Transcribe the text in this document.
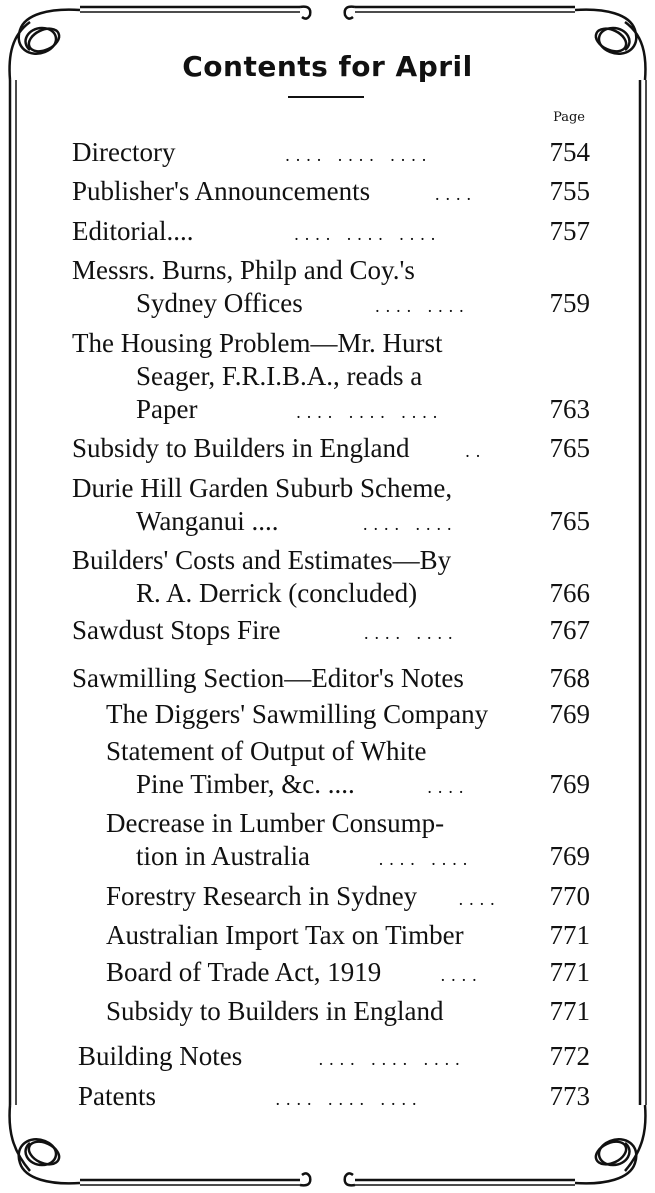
Contents for April
Page
Directory	.... .... ....	754
Publisher's Announcements	....	755
Editorial....	.... .... ....	757
Messrs. Burns, Philp and Coy.'s
Sydney Offices	.... ....	759
The Housing Problem—Mr. Hurst
Seager, F.R.I.B.A., reads a
Paper	.... .... ....	763
Subsidy to Builders in England	..	765
Durie Hill Garden Suburb Scheme,
Wanganui ....	.... ....	765
Builders' Costs and Estimates—By
R. A. Derrick (concluded)	766
Sawdust Stops Fire	.... ....	767
Sawmilling Section—Editor's Notes	768
The Diggers' Sawmilling Company 769
Statement of Output of White
Pine Timber, &c. ....	....	769
Decrease in Lumber Consump-
tion in Australia	.... ....	769
Forestry Research in Sydney	....	770
Australian Import Tax on Timber	771
Board of Trade Act, 1919	....	771
Subsidy to Builders in England	771
Building Notes	.... .... ....	772
Patents	.... .... ....	773
